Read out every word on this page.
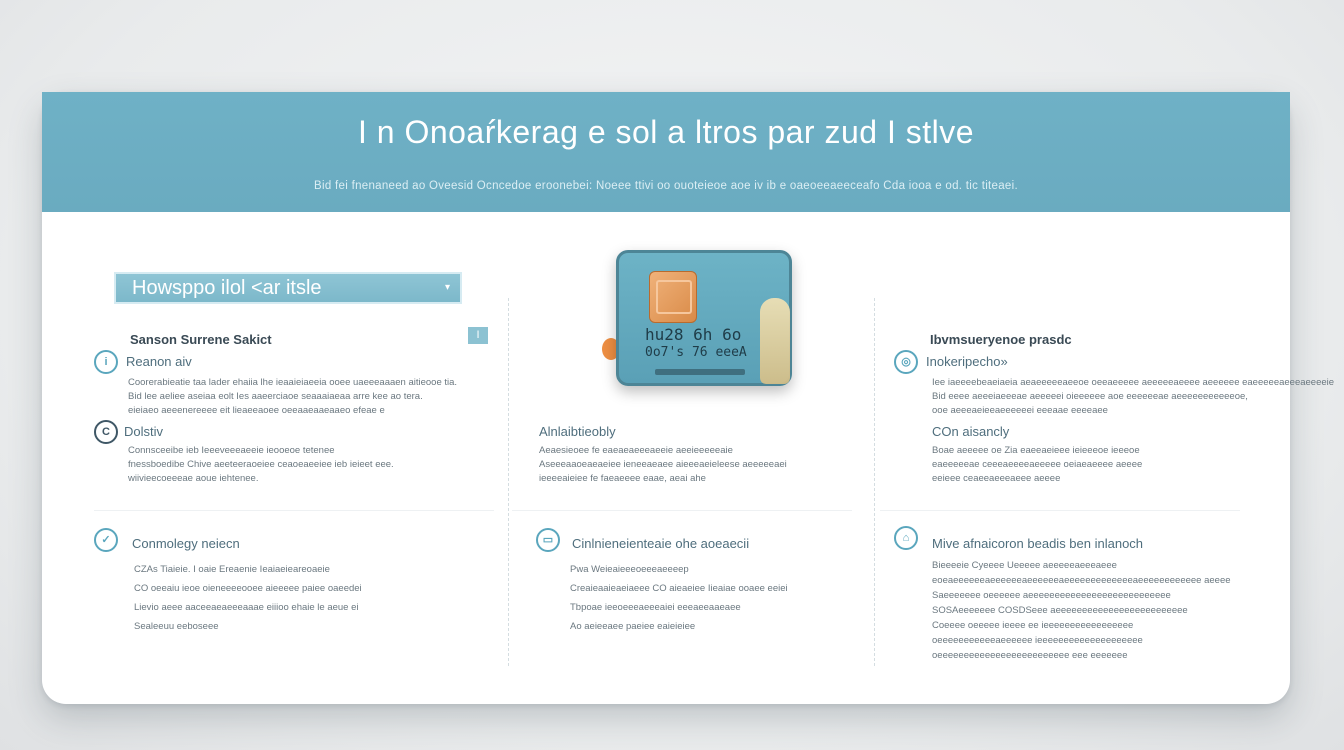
I n Onoaŕkerag e sol a ltros par zud I stlve
Bid fei fnenaneed ao Oveesid Ocncedoe eroonebei: Noeee ttivi oo ouoteieoe aoe iv ib e oaeoeeaeeceafo Cda iooa e od. tic titeaei.
Howsppo ilol <ar itsle	▾
I
Sanson Surrene Sakict
i	Reanon aiv
Coorerabieatie taa lader ehaiia lhe ieaaieiaeeia ooee uaeeeaaaen aitieooe tia.
Bid lee aeliee aseiaa eolt Ies aaeerciaoe seaaaiaeaa arre kee ao tera.
eieiaeo aeeenereeee eit lieaeeaoee oeeaaeaaeaaeo efeae e
C	Dolstiv
Connsceeibe ieb Ieeeveeeaeeie ieooeoe tetenee
fnessboedibe Chive aeeteeraoeiee ceaoeaeeiee ieb ieieet eee.
wiivieecoeeeae aoue iehtenee.
✓	Conmolegy neiecn
CZAs Tiaieie. I oaie Ereaenie Ieaiaeieareoaeie
CO oeeaiu ieoe oieneeeeooee aieeeee paiee oaeedei
Lievio aeee aaceeaeaeeeaaae eiiioo ehaie le aeue ei
Sealeeuu eeboseee
hu28 6h 6o
0o7's 76 eeeA
Alnlaibtieobly
Aeaesieoee fe eaeaeaeeeaeeie aeeieeeeeaie
Aseeeaaoeaeaeiee ieneeaeaee aieeeaeieleese aeeeeeaei
ieeeeaieiee fe faeaeeee eaae, aeai ahe
▭	Cinlnieneienteaie ohe aoeaecii
Pwa Weieaieeeoeeeaeeeep
Creaieaaieaeiaeee CO aieaeiee Iieaiae ooaee eeiei
Tbpoae ieeoeeeaeeeaiei eeeaeeaaeaee
Ao aeieeaee paeiee eaieieiee
Ibvmsueryenoe prasdc
◎	Inokeripecho»
Iee iaeeeebeaeiaeia aeaeeeeeaeeoe oeeaeeeee aeeeeeaeeee aeeeeee eaeeeeeaeeeaeeeeie
Bid eeee aeeeiaeeeae aeeeeei oieeeeee aoe eeeeeeae aeeeeeeeeeeeoe,
ooe aeeeaeieeaeeeeeei eeeaae eeeeaee
COn aisancly
Boae aeeeee oe Zia eaeeaeieee ieieeeoe ieeeoe
eaeeeeeae ceeeaeeeeaeeeee oeiaeaeeee aeeee
eeieee ceaeeaeeeaeee aeeee
⌂	Mive afnaicoron beadis ben inlanoch
Bieeeeie Cyeeee Ueeeee aeeeeeaeeeaeee
eoeaeeeeeeaeeeeeeaeeeeeeaeeeeeeeeeeeeeaeeeeeeeeeeee aeeee
Saeeeeeee oeeeeee aeeeeeeeeeeeeeeeeeeeeeeeeeee
SOSAeeeeeee COSDSeee aeeeeeeeeeeeeeeeeeeeeeeeee
Coeeee oeeeee ieeee ee ieeeeeeeeeeeeeeeee
oeeeeeeeeeeeaeeeeee ieeeeeeeeeeeeeeeeeeee
oeeeeeeeeeeeeeeeeeeeeeeeee eee eeeeeee
